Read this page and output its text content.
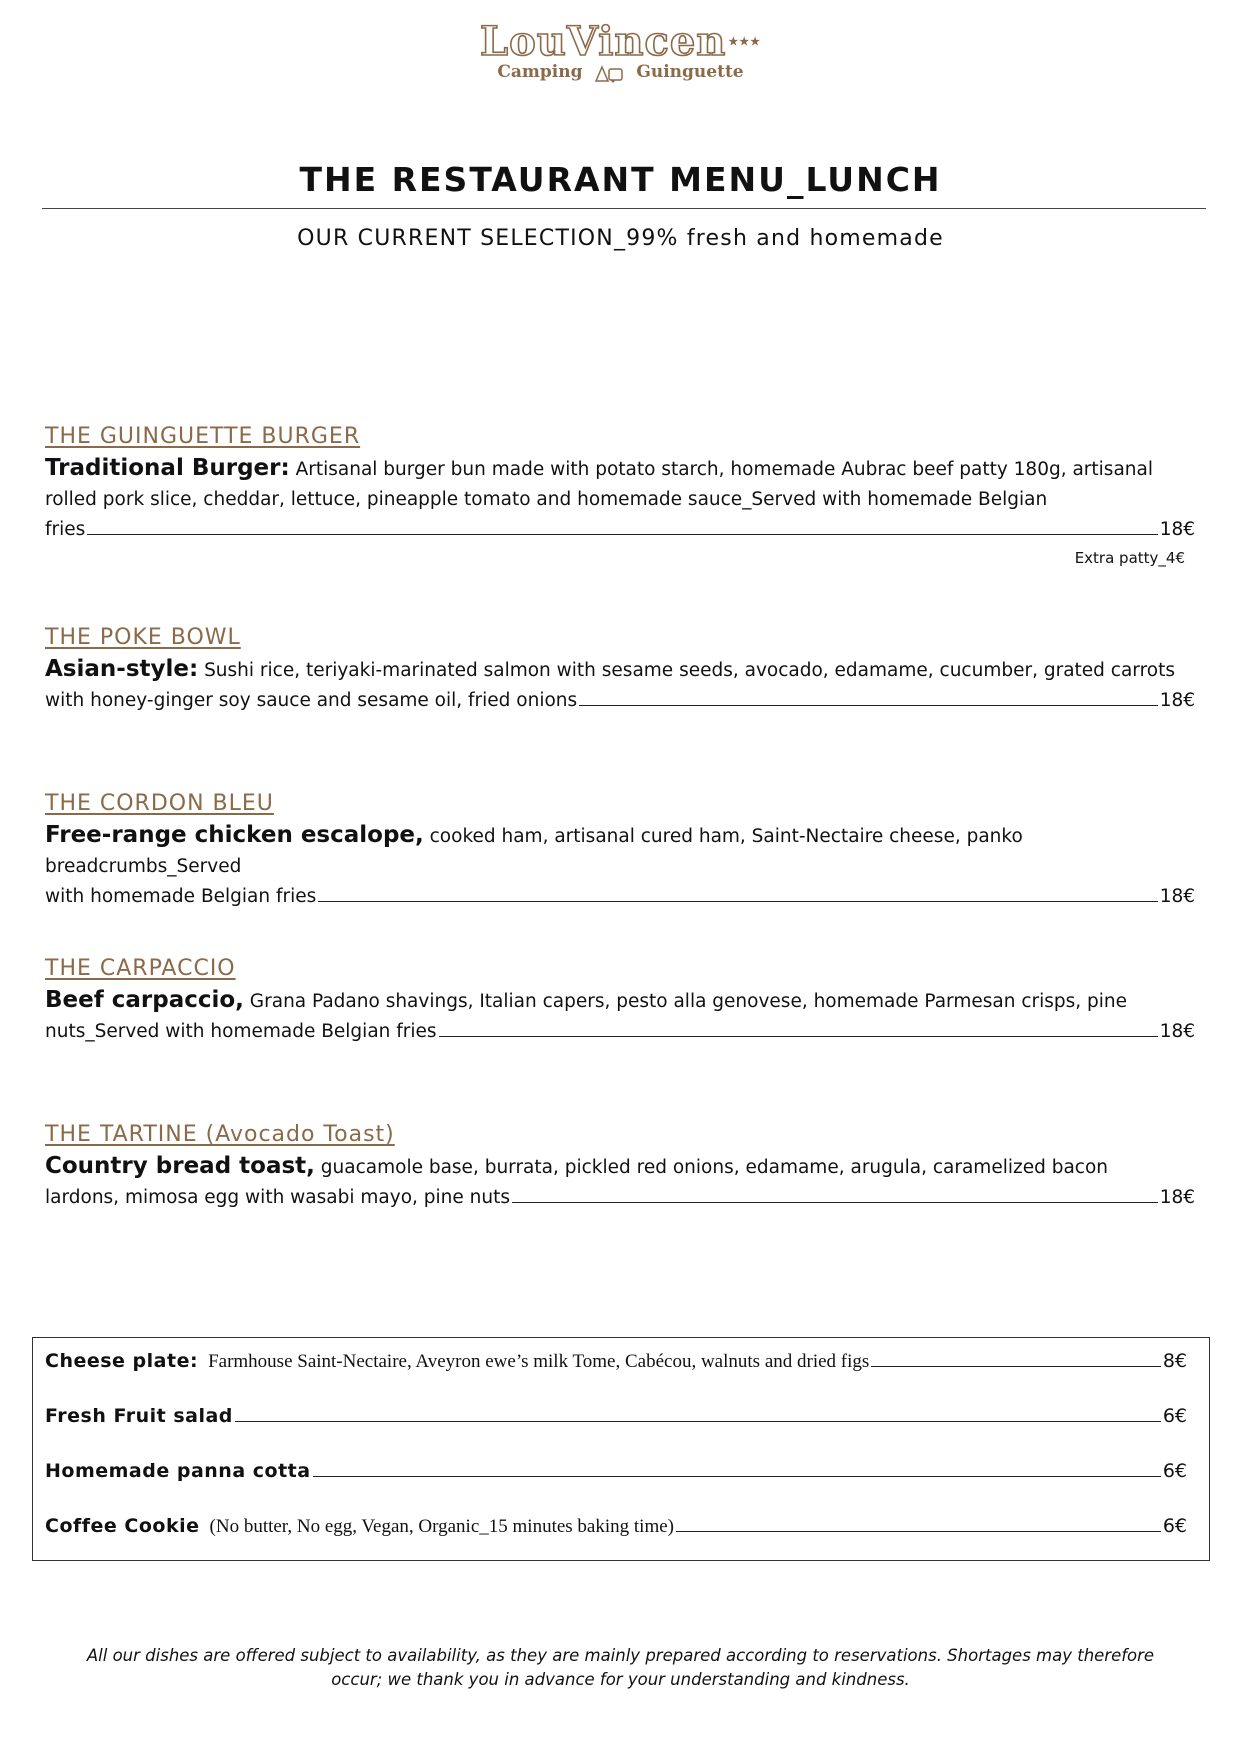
LouVincen ★★★
Camping	Guinguette
THE RESTAURANT MENU_LUNCH
OUR CURRENT SELECTION_99% fresh and homemade
THE GUINGUETTE BURGER
Traditional Burger: Artisanal burger bun made with potato starch, homemade Aubrac beef patty 180g, artisanal rolled pork slice, cheddar, lettuce, pineapple tomato and homemade sauce_Served with homemade Belgian
fries	18€
Extra patty_4€
THE POKE BOWL
Asian-style: Sushi rice, teriyaki-marinated salmon with sesame seeds, avocado, edamame, cucumber, grated carrots
with honey-ginger soy sauce and sesame oil, fried onions	18€
THE CORDON BLEU
Free-range chicken escalope, cooked ham, artisanal cured ham, Saint-Nectaire cheese, panko breadcrumbs_Served
with homemade Belgian fries	18€
THE CARPACCIO
Beef carpaccio, Grana Padano shavings, Italian capers, pesto alla genovese, homemade Parmesan crisps, pine
nuts_Served with homemade Belgian fries	18€
THE TARTINE (Avocado Toast)
Country bread toast, guacamole base, burrata, pickled red onions, edamame, arugula, caramelized bacon
lardons, mimosa egg with wasabi mayo, pine nuts	18€
Cheese plate: Farmhouse Saint-Nectaire, Aveyron ewe’s milk Tome, Cabécou, walnuts and dried figs	8€
Fresh Fruit salad	6€
Homemade panna cotta	6€
Coffee Cookie (No butter, No egg, Vegan, Organic_15 minutes baking time)	6€
All our dishes are offered subject to availability, as they are mainly prepared according to reservations. Shortages may therefore occur; we thank you in advance for your understanding and kindness.
